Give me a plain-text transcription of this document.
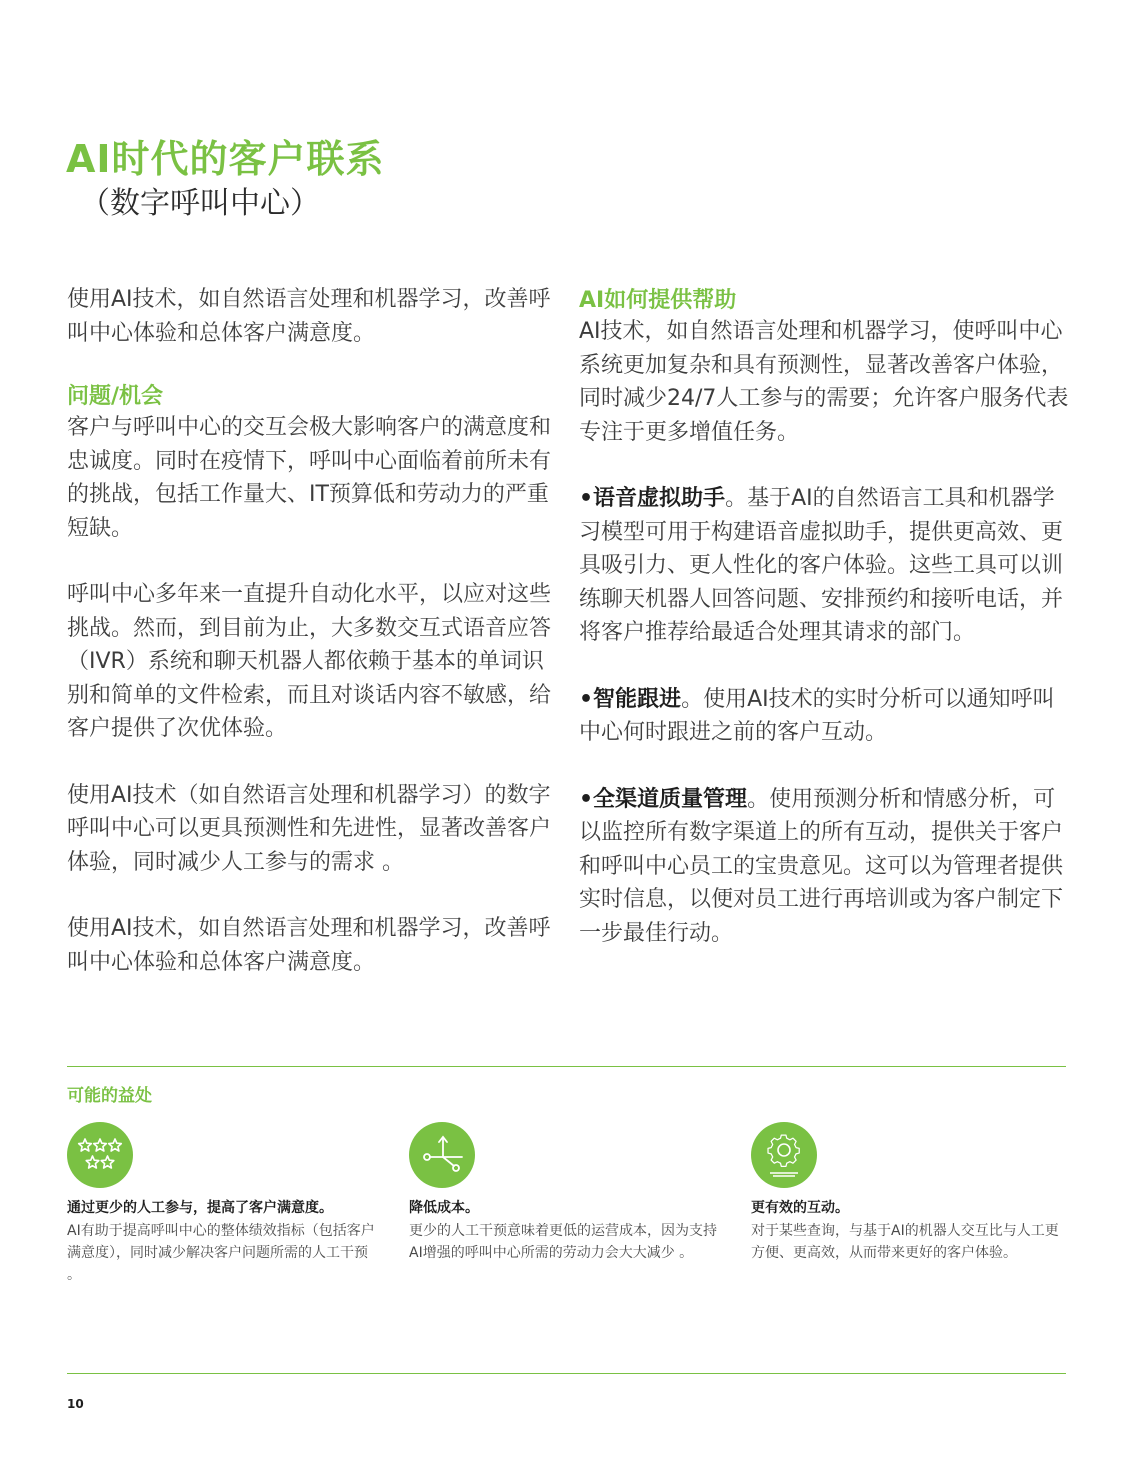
AI时代的客户联系

（数字呼叫中心）

使用AI技术，如自然语言处理和机器学习，改善呼叫中心体验和总体客户满意度。

问题/机会

客户与呼叫中心的交互会极大影响客户的满意度和忠诚度。同时在疫情下，呼叫中心面临着前所未有的挑战，包括工作量大、IT预算低和劳动力的严重短缺。

呼叫中心多年来一直提升自动化水平，以应对这些挑战。然而，到目前为止，大多数交互式语音应答（IVR）系统和聊天机器人都依赖于基本的单词识别和简单的文件检索，而且对谈话内容不敏感，给客户提供了次优体验。

使用AI技术（如自然语言处理和机器学习）的数字呼叫中心可以更具预测性和先进性，显著改善客户体验，同时减少人工参与的需求 。

使用AI技术，如自然语言处理和机器学习，改善呼叫中心体验和总体客户满意度。

AI如何提供帮助

AI技术，如自然语言处理和机器学习，使呼叫中心系统更加复杂和具有预测性，显著改善客户体验，同时减少24/7人工参与的需要；允许客户服务代表专注于更多增值任务。

•语音虚拟助手。基于AI的自然语言工具和机器学习模型可用于构建语音虚拟助手，提供更高效、更具吸引力、更人性化的客户体验。这些工具可以训练聊天机器人回答问题、安排预约和接听电话，并将客户推荐给最适合处理其请求的部门。

•智能跟进。使用AI技术的实时分析可以通知呼叫中心何时跟进之前的客户互动。

•全渠道质量管理。使用预测分析和情感分析，可以监控所有数字渠道上的所有互动，提供关于客户和呼叫中心员工的宝贵意见。这可以为管理者提供实时信息，以便对员工进行再培训或为客户制定下一步最佳行动。

可能的益处

通过更少的人工参与，提高了客户满意度。

AI有助于提高呼叫中心的整体绩效指标（包括客户满意度），同时减少解决客户问题所需的人工干预 。

降低成本。

更少的人工干预意味着更低的运营成本，因为支持AI增强的呼叫中心所需的劳动力会大大减少 。

更有效的互动。

对于某些查询，与基于AI的机器人交互比与人工更方便、更高效，从而带来更好的客户体验。

10
